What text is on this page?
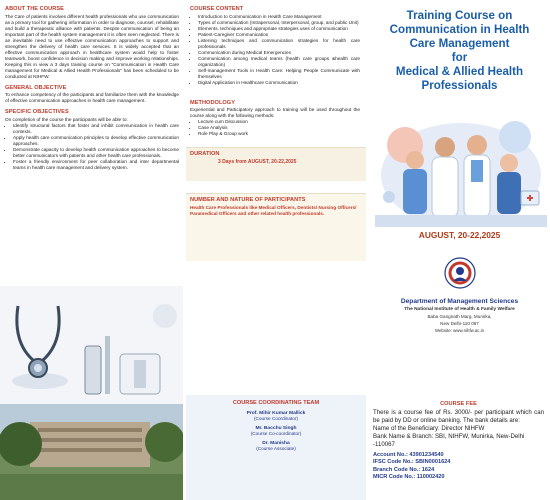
ABOUT THE COURSE

The Care of patients involves different health professionals who use communication as a primary tool for gathering information in order to diagnose, counsel, rehabilitate and build a therapeutic alliance with patients. Despite communication of being an important part of the health system management it is often seen neglected. There is an inevitable need to use effective communication approaches to support and strengthen the delivery of health care services. It is widely accepted that an effective communication approach in healthcare system would help to foster teamwork, boost confidence in decision making and improve working relationships. Keeping this in view a 3 days training course on "Communication in Health Care management for Medical & Allied Health Professionals" has been scheduled to be conducted at NIHFW.

GENERAL OBJECTIVE

To enhance competency of the participants and familiarize them with the knowledge of effective communication approaches in health care management.

SPECIFIC OBJECTIVES

On completion of the course the participants will be able to:

• Identify structural factors that foster and inhibit communication in health care contexts.
• Apply health care communication principles to develop effective communication approaches.
• Demonstrate capacity to develop health communication approaches to become better communicators with patients and other health care professionals.
• Foster a friendly environment for peer collaboration and inter departmental teams in health care management and delivery system.
COURSE CONTENT
• Introduction to Communication in Health Care Management
• Types of communication (Intrapersonal, Interpersonal, group, and public Unit)
• Elements, techniques and appropriate strategies uses of communication
• Patient-Caregiver Communication
• Listening techniques and communication strategies for health care professionals
• Communication during Medical Emergencies
• Communication among medical teams (health care groups &health care organization)
• Self-management Tools in Health Care: Helping People Communicate with themselves
• Digital Application in Healthcare Communication
METHODOLOGY

Experiential and Participatory approach to training will be used throughout the course along with the following methods:

• Lecture cum Discussion
• Case Analysis
• Role Play & Group work
DURATION
3 Days from AUGUST, 20-22,2025
NUMBER AND NATURE OF PARTICIPANTS

Health Care Professionals like Medical Officers, Dentists/ Nursing Officers/ Paramedical Officers and other related health professionals.

COURSE COORDINATING TEAM
Prof. Mihir Kumar Mallick
(Course Coordinator)
Mr. Bacchu Singh
(Course Co-coordinator)
Dr. Manisha
(Course Associate)
Training Course on
Communication in Health
Care Management
for
Medical & Allied Health
Professionals
AUGUST, 20-22,2025
Department of Management Sciences
The National Institute of Health & Family Welfare
Baba Gangnath Marg, Munirka,
New Delhi-110 067
Website: www.nihfw.ac.in
COURSE FEE

There is a course fee of Rs. 3000/- per participant which can be paid by DD or online banking. The bank details are:

Name of the Beneficiary: Director NIHFW

Bank Name & Branch: SBI, NIHFW, Munirka, New-Delhi -110067

Account No.: 43901234540

IFSC Code No.: SBIN0001624

Branch Code No.: 1624

MICR Code No.: 110002420
